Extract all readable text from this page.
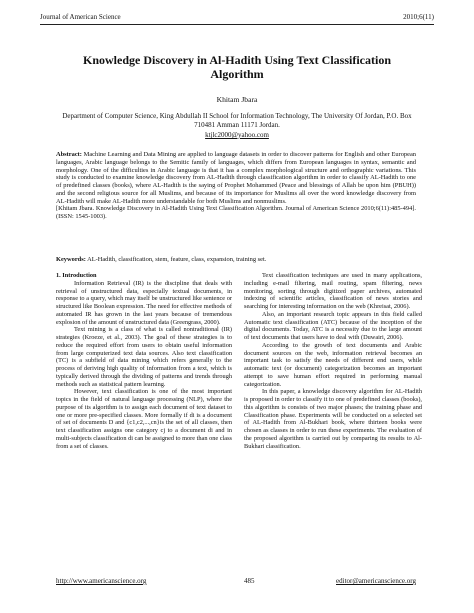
Journal of American Science	2010;6(11)
Knowledge Discovery in Al-Hadith Using Text Classification Algorithm
Khitam Jbara
Department of Computer Science, King Abdullah II School for Information Technology, The University Of Jordan, P.O. Box 710481 Amman 11171 Jordan.
ktjlc2000@yahoo.com
Abstract: Machine Learning and Data Mining are applied to language datasets in order to discover patterns for English and other European languages, Arabic language belongs to the Semitic family of languages, which differs from European languages in syntax, semantic and morphology. One of the difficulties in Arabic language is that it has a complex morphological structure and orthographic variations. This study is conducted to examine knowledge discovery from AL-Hadith through classification algorithm in order to classify AL-Hadith to one of predefined classes (books), where AL-Hadith is the saying of Prophet Mohammed (Peace and blessings of Allah be upon him (PBUH)) and the second religious source for all Muslims, and because of its importance for Muslims all over the word knowledge discovery from AL-Hadith will make AL-Hadith more understandable for both Muslims and nonmuslims.
[Khitam Jbara. Knowledge Discovery in Al-Hadith Using Text Classification Algorithm. Journal of American Science 2010;6(11):485-494]. (ISSN: 1545-1003).
Keywords: AL-Hadith, classification, stem, feature, class, expansion, training set.

1. Introduction

Information Retrieval (IR) is the discipline that deals with retrieval of unstructured data, especially textual documents, in response to a query, which may itself be unstructured like sentence or structured like Boolean expression. The need for effective methods of automated IR has grown in the last years because of tremendous explosion of the amount of unstructured data (Greengrass, 2000).

Text mining is a class of what is called nontraditional (IR) strategies (Kroeze, et al., 2003). The goal of these strategies is to reduce the required effort from users to obtain useful information from large computerized text data sources. Also text classification (TC) is a subfield of data mining which refers generally to the process of deriving high quality of information from a text, which is typically derived through the dividing of patterns and trends through methods such as statistical pattern learning.

However, text classification is one of the most important topics in the field of natural language processing (NLP), where the purpose of its algorithm is to assign each document of text dataset to one or more pre-specified classes. More formally if di is a document of set of documents D and {c1,c2,...,cn}is the set of all classes, then text classification assigns one category cj to a document di and in multi-subjects classification di can be assigned to more than one class from a set of classes.

Text classification techniques are used in many applications, including e-mail filtering, mail routing, spam filtering, news monitoring, sorting through digitized paper archives, automated indexing of scientific articles, classification of news stories and searching for interesting information on the web (Khreisat, 2006).

Also, an important research topic appears in this field called Automatic text classification (ATC) because of the inception of the digital documents. Today, ATC is a necessity due to the large amount of text documents that users have to deal with (Duwairi, 2006).

According to the growth of text documents and Arabic document sources on the web, information retrieval becomes an important task to satisfy the needs of different end users, while automatic text (or document) categorization becomes an important attempt to save human effort required in performing manual categorization.

In this paper, a knowledge discovery algorithm for AL-Hadith is proposed in order to classify it to one of predefined classes (books), this algorithm is consists of two major phases; the training phase and Classification phase. Experiments will be conducted on a selected set of AL-Hadith from Al-Bukhari book, where thirteen books were chosen as classes in order to run these experiments. The evaluation of the proposed algorithm is carried out by comparing its results to Al-Bukhari classification.

http://www.americanscience.org	485	editor@americanscience.org
